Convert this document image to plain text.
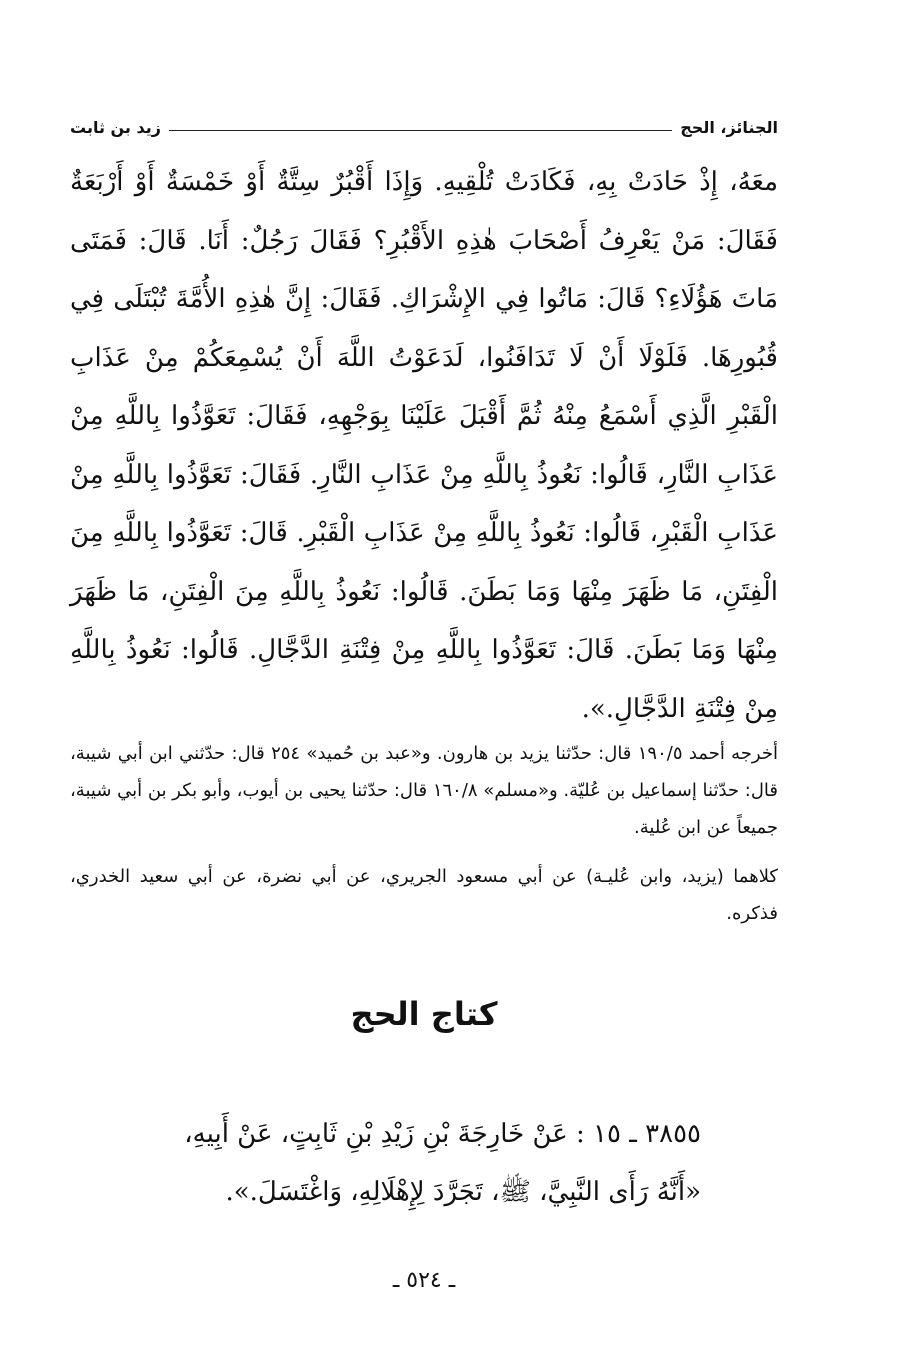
الجنائز، الحج
زيد بن ثابت

معَهُ، إِذْ حَادَتْ بِهِ، فَكَادَتْ تُلْقِيهِ. وَإِذَا أَقْبُرٌ سِتَّةٌ أَوْ خَمْسَةٌ أَوْ أَرْبَعَةٌ فَقَالَ: مَنْ يَعْرِفُ أَصْحَابَ هٰذِهِ الأَقْبُرِ؟ فَقَالَ رَجُلٌ: أَنَا. قَالَ: فَمَتَى مَاتَ هَؤُلَاءِ؟ قَالَ: مَاتُوا فِي الإِشْرَاكِ. فَقَالَ: إِنَّ هٰذِهِ الأُمَّةَ تُبْتَلَى فِي قُبُورِهَا. فَلَوْلَا أَنْ لَا تَدَافَنُوا، لَدَعَوْتُ اللَّهَ أَنْ يُسْمِعَكُمْ مِنْ عَذَابِ الْقَبْرِ الَّذِي أَسْمَعُ مِنْهُ ثُمَّ أَقْبَلَ عَلَيْنَا بِوَجْهِهِ، فَقَالَ: تَعَوَّذُوا بِاللَّهِ مِنْ عَذَابِ النَّارِ، قَالُوا: نَعُوذُ بِاللَّهِ مِنْ عَذَابِ النَّارِ. فَقَالَ: تَعَوَّذُوا بِاللَّهِ مِنْ عَذَابِ الْقَبْرِ، قَالُوا: نَعُوذُ بِاللَّهِ مِنْ عَذَابِ الْقَبْرِ. قَالَ: تَعَوَّذُوا بِاللَّهِ مِنَ الْفِتَنِ، مَا ظَهَرَ مِنْهَا وَمَا بَطَنَ. قَالُوا: نَعُوذُ بِاللَّهِ مِنَ الْفِتَنِ، مَا ظَهَرَ مِنْهَا وَمَا بَطَنَ. قَالَ: تَعَوَّذُوا بِاللَّهِ مِنْ فِتْنَةِ الدَّجَّالِ. قَالُوا: نَعُوذُ بِاللَّهِ مِنْ فِتْنَةِ الدَّجَّالِ.».

أخرجه أحمد ١٩٠/٥ قال: حدّثنا يزيد بن هارون. و«عبد بن حُميد» ٢٥٤ قال: حدّثني ابن أبي شيبة، قال: حدّثنا إسماعيل بن عُليّة. و«مسلم» ١٦٠/٨ قال: حدّثنا يحيى بن أيوب، وأبو بكر بن أبي شيبة، جميعاً عن ابن عُلية.

كلاهما (يزيد، وابن عُليـة) عن أبي مسعود الجريري، عن أبي نضرة، عن أبي سعيد الخدري، فذكره.

كتاج الحج

٣٨٥٥ ـ ١٥ : عَنْ خَارِجَةَ بْنِ زَيْدِ بْنِ ثَابِتٍ، عَنْ أَبِيهِ،

«أَنَّهُ رَأَى النَّبِيَّ، ﷺ، تَجَرَّدَ لِإِهْلَالِهِ، وَاغْتَسَلَ.».

ـ ٥٢٤ ـ
